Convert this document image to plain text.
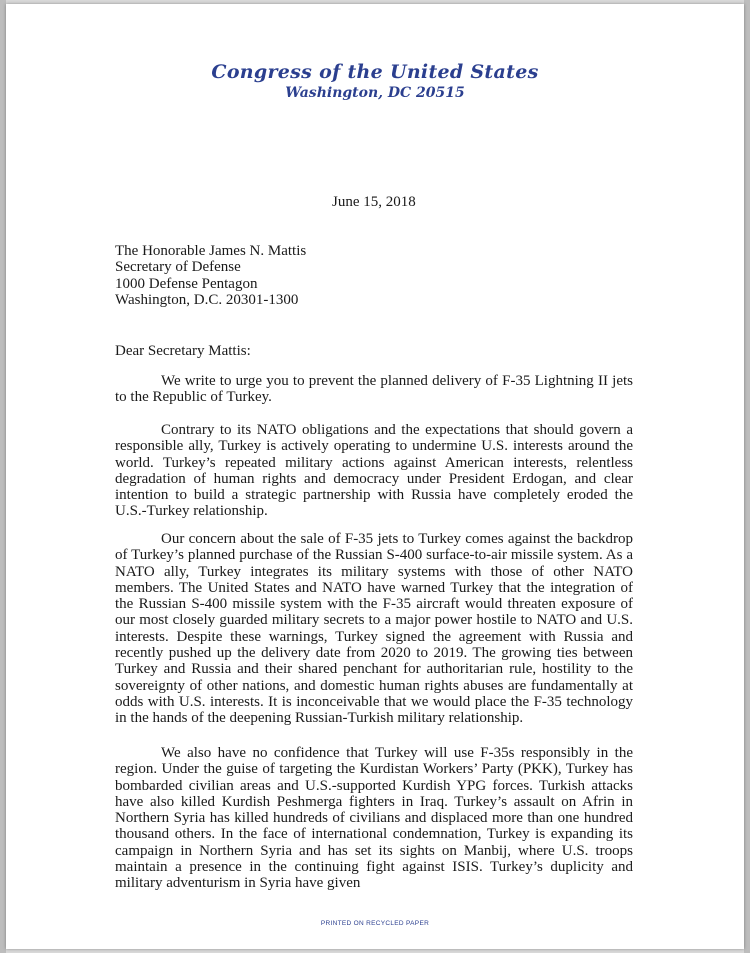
Congress of the United States
Washington, DC 20515
June 15, 2018
The Honorable James N. Mattis
Secretary of Defense
1000 Defense Pentagon
Washington, D.C. 20301-1300
Dear Secretary Mattis:
We write to urge you to prevent the planned delivery of F-35 Lightning II jets to the Republic of Turkey.
Contrary to its NATO obligations and the expectations that should govern a responsible ally, Turkey is actively operating to undermine U.S. interests around the world. Turkey’s repeated military actions against American interests, relentless degradation of human rights and democracy under President Erdogan, and clear intention to build a strategic partnership with Russia have completely eroded the U.S.-Turkey relationship.
Our concern about the sale of F-35 jets to Turkey comes against the backdrop of Turkey’s planned purchase of the Russian S-400 surface-to-air missile system. As a NATO ally, Turkey integrates its military systems with those of other NATO members. The United States and NATO have warned Turkey that the integration of the Russian S-400 missile system with the F-35 aircraft would threaten exposure of our most closely guarded military secrets to a major power hostile to NATO and U.S. interests. Despite these warnings, Turkey signed the agreement with Russia and recently pushed up the delivery date from 2020 to 2019. The growing ties between Turkey and Russia and their shared penchant for authoritarian rule, hostility to the sovereignty of other nations, and domestic human rights abuses are fundamentally at odds with U.S. interests. It is inconceivable that we would place the F-35 technology in the hands of the deepening Russian-Turkish military relationship.
We also have no confidence that Turkey will use F-35s responsibly in the region. Under the guise of targeting the Kurdistan Workers’ Party (PKK), Turkey has bombarded civilian areas and U.S.-supported Kurdish YPG forces. Turkish attacks have also killed Kurdish Peshmerga fighters in Iraq. Turkey’s assault on Afrin in Northern Syria has killed hundreds of civilians and displaced more than one hundred thousand others. In the face of international condemnation, Turkey is expanding its campaign in Northern Syria and has set its sights on Manbij, where U.S. troops maintain a presence in the continuing fight against ISIS. Turkey’s duplicity and military adventurism in Syria have given
PRINTED ON RECYCLED PAPER
